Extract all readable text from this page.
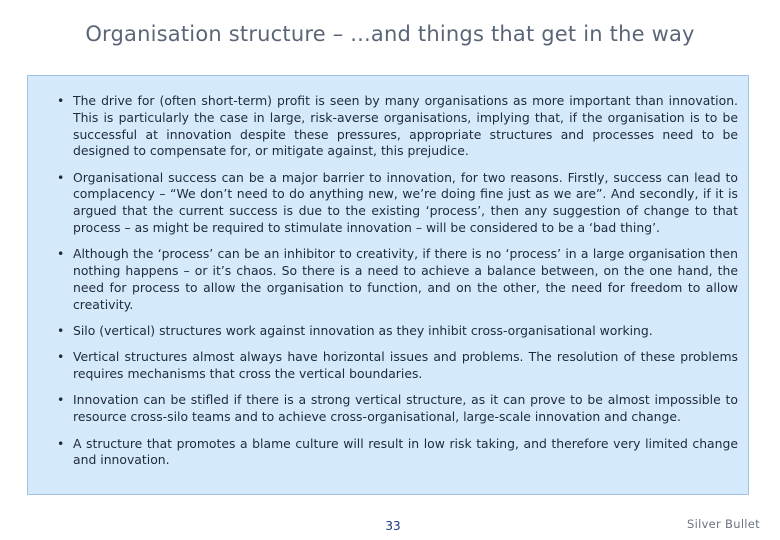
Organisation structure – ...and things that get in the way
• The drive for (often short-term) profit is seen by many organisations as more important than innovation. This is particularly the case in large, risk-averse organisations, implying that, if the organisation is to be successful at innovation despite these pressures, appropriate structures and processes need to be designed to compensate for, or mitigate against, this prejudice.
• Organisational success can be a major barrier to innovation, for two reasons. Firstly, success can lead to complacency – “We don’t need to do anything new, we’re doing fine just as we are”. And secondly, if it is argued that the current success is due to the existing ‘process’, then any suggestion of change to that process – as might be required to stimulate innovation – will be considered to be a ‘bad thing’.
• Although the ‘process’ can be an inhibitor to creativity, if there is no ‘process’ in a large organisation then nothing happens – or it’s chaos. So there is a need to achieve a balance between, on the one hand, the need for process to allow the organisation to function, and on the other, the need for freedom to allow creativity.
• Silo (vertical) structures work against innovation as they inhibit cross-organisational working.
• Vertical structures almost always have horizontal issues and problems. The resolution of these problems requires mechanisms that cross the vertical boundaries.
• Innovation can be stifled if there is a strong vertical structure, as it can prove to be almost impossible to resource cross-silo teams and to achieve cross-organisational, large-scale innovation and change.
• A structure that promotes a blame culture will result in low risk taking, and therefore very limited change and innovation.
33	Silver Bullet
